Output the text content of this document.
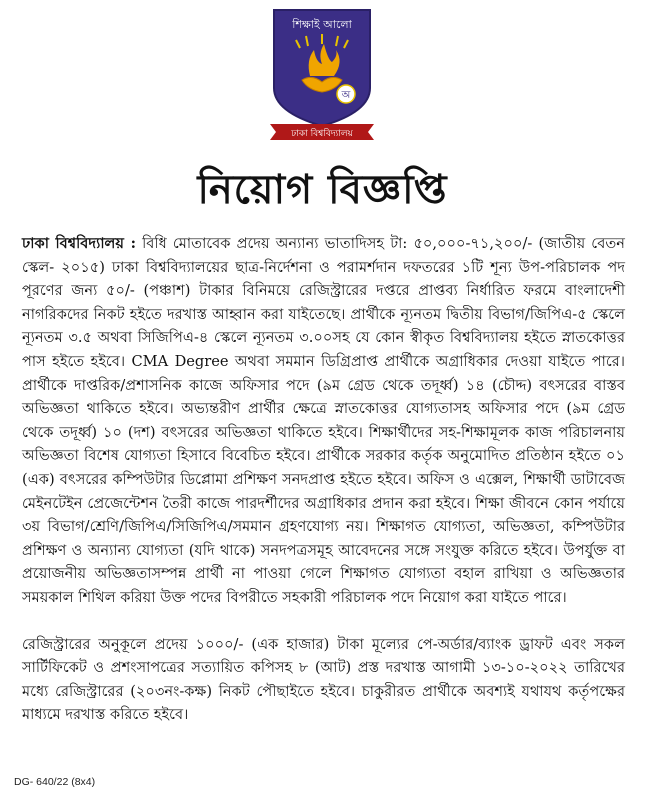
শিক্ষাই আলো
অ
ঢাকা বিশ্ববিদ্যালয়
নিয়োগ বিজ্ঞপ্তি

ঢাকা বিশ্ববিদ্যালয় : বিধি মোতাবেক প্রদেয় অন্যান্য ভাতাদিসহ টা: ৫০,০০০-৭১,২০০/- (জাতীয় বেতন স্কেল- ২০১৫) ঢাকা বিশ্ববিদ্যালয়ের ছাত্র-নির্দেশনা ও পরামর্শদান দফতরের ১টি শূন্য উপ-পরিচালক পদ পূরণের জন্য ৫০/- (পঞ্চাশ) টাকার বিনিময়ে রেজিস্ট্রারের দপ্তরে প্রাপ্তব্য নির্ধারিত ফরমে বাংলাদেশী নাগরিকদের নিকট হইতে দরখাস্ত আহ্বান করা যাইতেছে। প্রার্থীকে ন্যূনতম দ্বিতীয় বিভাগ/জিপিএ-৫ স্কেলে ন্যূনতম ৩.৫ অথবা সিজিপিএ-৪ স্কেলে ন্যূনতম ৩.০০সহ যে কোন স্বীকৃত বিশ্ববিদ্যালয় হইতে স্নাতকোত্তর পাস হইতে হইবে। CMA Degree অথবা সমমান ডিগ্রিপ্রাপ্ত প্রার্থীকে অগ্রাধিকার দেওয়া যাইতে পারে। প্রার্থীকে দাপ্তরিক/প্রশাসনিক কাজে অফিসার পদে (৯ম গ্রেড থেকে তদূর্ধ্ব) ১৪ (চৌদ্দ) বৎসরের বাস্তব অভিজ্ঞতা থাকিতে হইবে। অভ্যন্তরীণ প্রার্থীর ক্ষেত্রে স্নাতকোত্তর যোগ্যতাসহ অফিসার পদে (৯ম গ্রেড থেকে তদূর্ধ্ব) ১০ (দশ) বৎসরের অভিজ্ঞতা থাকিতে হইবে। শিক্ষার্থীদের সহ-শিক্ষামূলক কাজ পরিচালনায় অভিজ্ঞতা বিশেষ যোগ্যতা হিসাবে বিবেচিত হইবে। প্রার্থীকে সরকার কর্তৃক অনুমোদিত প্রতিষ্ঠান হইতে ০১ (এক) বৎসরের কম্পিউটার ডিপ্লোমা প্রশিক্ষণ সনদপ্রাপ্ত হইতে হইবে। অফিস ও এক্সেল, শিক্ষার্থী ডাটাবেজ মেইনটেইন প্রেজেন্টেশন তৈরী কাজে পারদর্শীদের অগ্রাধিকার প্রদান করা হইবে। শিক্ষা জীবনে কোন পর্যায়ে ৩য় বিভাগ/শ্রেণি/জিপিএ/সিজিপিএ/সমমান গ্রহণযোগ্য নয়। শিক্ষাগত যোগ্যতা, অভিজ্ঞতা, কম্পিউটার প্রশিক্ষণ ও অন্যান্য যোগ্যতা (যদি থাকে) সনদপত্রসমূহ আবেদনের সঙ্গে সংযুক্ত করিতে হইবে। উপর্যুক্ত বা প্রয়োজনীয় অভিজ্ঞতাসম্পন্ন প্রার্থী না পাওয়া গেলে শিক্ষাগত যোগ্যতা বহাল রাখিয়া ও অভিজ্ঞতার সময়কাল শিথিল করিয়া উক্ত পদের বিপরীতে সহকারী পরিচালক পদে নিয়োগ করা যাইতে পারে।

রেজিস্ট্রারের অনুকূলে প্রদেয় ১০০০/- (এক হাজার) টাকা মূল্যের পে-অর্ডার/ব্যাংক ড্রাফট এবং সকল সার্টিফিকেট ও প্রশংসাপত্রের সত্যায়িত কপিসহ ৮ (আট) প্রস্ত দরখাস্ত আগামী ১৩-১০-২০২২ তারিখের মধ্যে রেজিস্ট্রারের (২০৩নং-কক্ষ) নিকট পৌছাইতে হইবে। চাকুরীরত প্রার্থীকে অবশ্যই যথাযথ কর্তৃপক্ষের মাধ্যমে দরখাস্ত করিতে হইবে।

DG- 640/22 (8x4)
